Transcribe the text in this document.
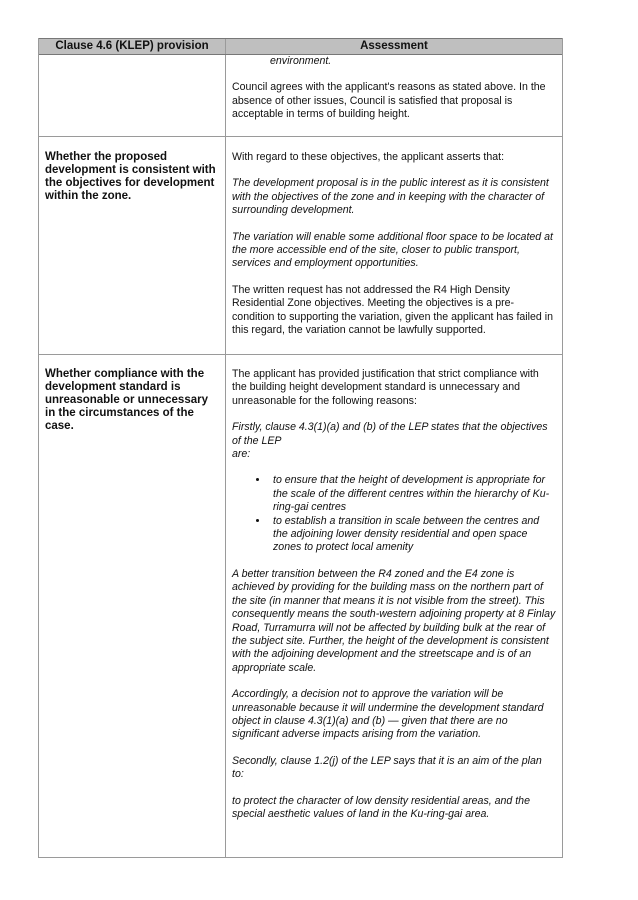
Clause 4.6 (KLEP) provision	Assessment

environment.

Council agrees with the applicant's reasons as stated above. In the absence of other issues, Council is satisfied that proposal is acceptable in terms of building height.

Whether the proposed development is consistent with the objectives for development within the zone.

With regard to these objectives, the applicant asserts that:

The development proposal is in the public interest as it is consistent with the objectives of the zone and in keeping with the character of surrounding development.

The variation will enable some additional floor space to be located at the more accessible end of the site, closer to public transport, services and employment opportunities.

The written request has not addressed the R4 High Density Residential Zone objectives. Meeting the objectives is a pre-condition to supporting the variation, given the applicant has failed in this regard, the variation cannot be lawfully supported.

Whether compliance with the development standard is unreasonable or unnecessary in the circumstances of the case.

The applicant has provided justification that strict compliance with the building height development standard is unnecessary and unreasonable for the following reasons:

Firstly, clause 4.3(1)(a) and (b) of the LEP states that the objectives of the LEP

are:

• to ensure that the height of development is appropriate for the scale of the different centres within the hierarchy of Ku-ring-gai centres
• to establish a transition in scale between the centres and the adjoining lower density residential and open space zones to protect local amenity

A better transition between the R4 zoned and the E4 zone is achieved by providing for the building mass on the northern part of the site (in manner that means it is not visible from the street). This consequently means the south-western adjoining property at 8 Finlay Road, Turramurra will not be affected by building bulk at the rear of the subject site. Further, the height of the development is consistent with the adjoining development and the streetscape and is of an appropriate scale.

Accordingly, a decision not to approve the variation will be unreasonable because it will undermine the development standard object in clause 4.3(1)(a) and (b) — given that there are no significant adverse impacts arising from the variation.

Secondly, clause 1.2(j) of the LEP says that it is an aim of the plan to:

to protect the character of low density residential areas, and the special aesthetic values of land in the Ku-ring-gai area.
